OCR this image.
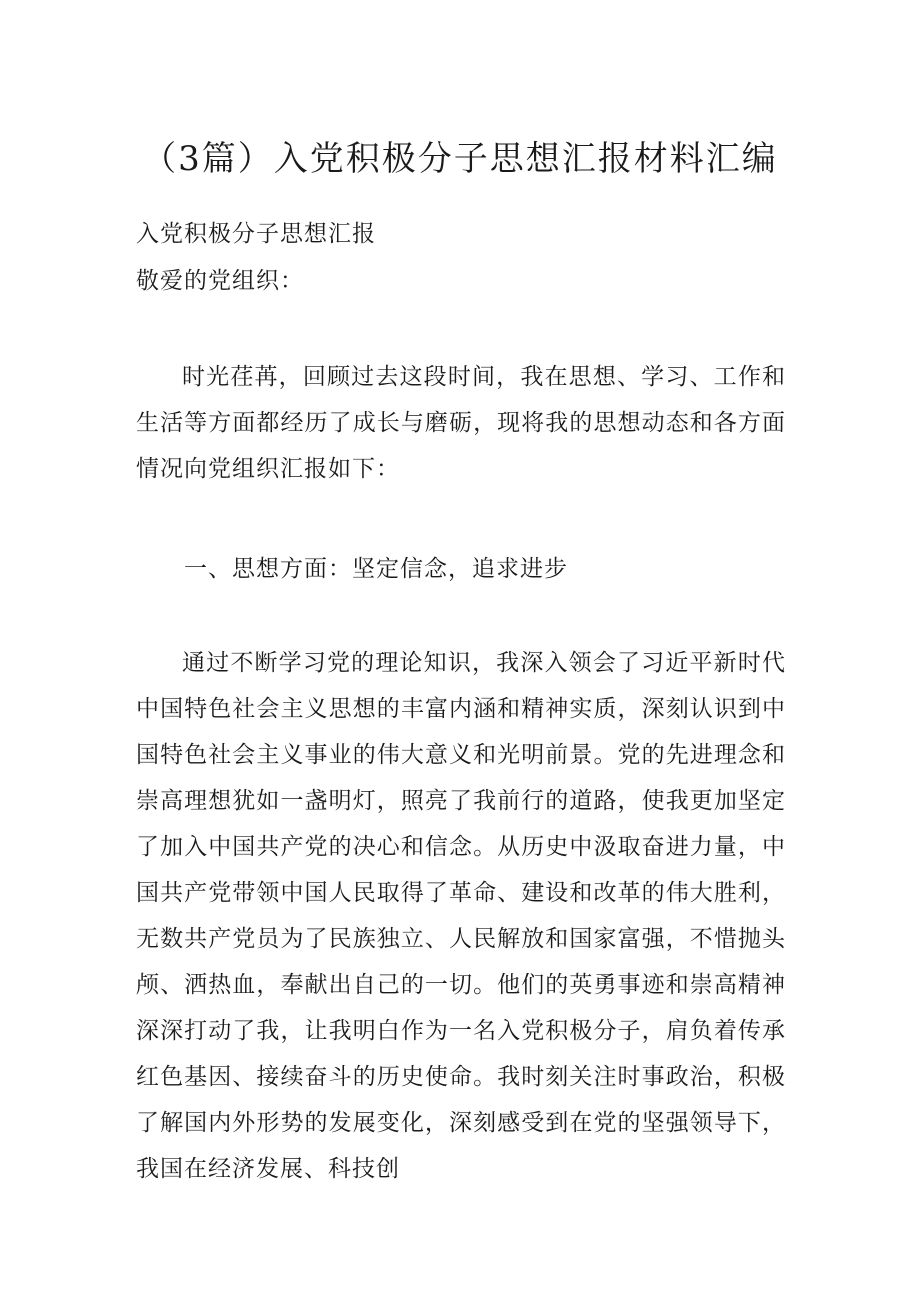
（3篇）入党积极分子思想汇报材料汇编

入党积极分子思想汇报

敬爱的党组织：

时光荏苒，回顾过去这段时间，我在思想、学习、工作和生活等方面都经历了成长与磨砺，现将我的思想动态和各方面情况向党组织汇报如下：

一、思想方面：坚定信念，追求进步

通过不断学习党的理论知识，我深入领会了习近平新时代中国特色社会主义思想的丰富内涵和精神实质，深刻认识到中国特色社会主义事业的伟大意义和光明前景。党的先进理念和崇高理想犹如一盏明灯，照亮了我前行的道路，使我更加坚定了加入中国共产党的决心和信念。从历史中汲取奋进力量，中国共产党带领中国人民取得了革命、建设和改革的伟大胜利，无数共产党员为了民族独立、人民解放和国家富强，不惜抛头颅、洒热血，奉献出自己的一切。他们的英勇事迹和崇高精神深深打动了我，让我明白作为一名入党积极分子，肩负着传承红色基因、接续奋斗的历史使命。我时刻关注时事政治，积极了解国内外形势的发展变化，深刻感受到在党的坚强领导下，我国在经济发展、科技创
